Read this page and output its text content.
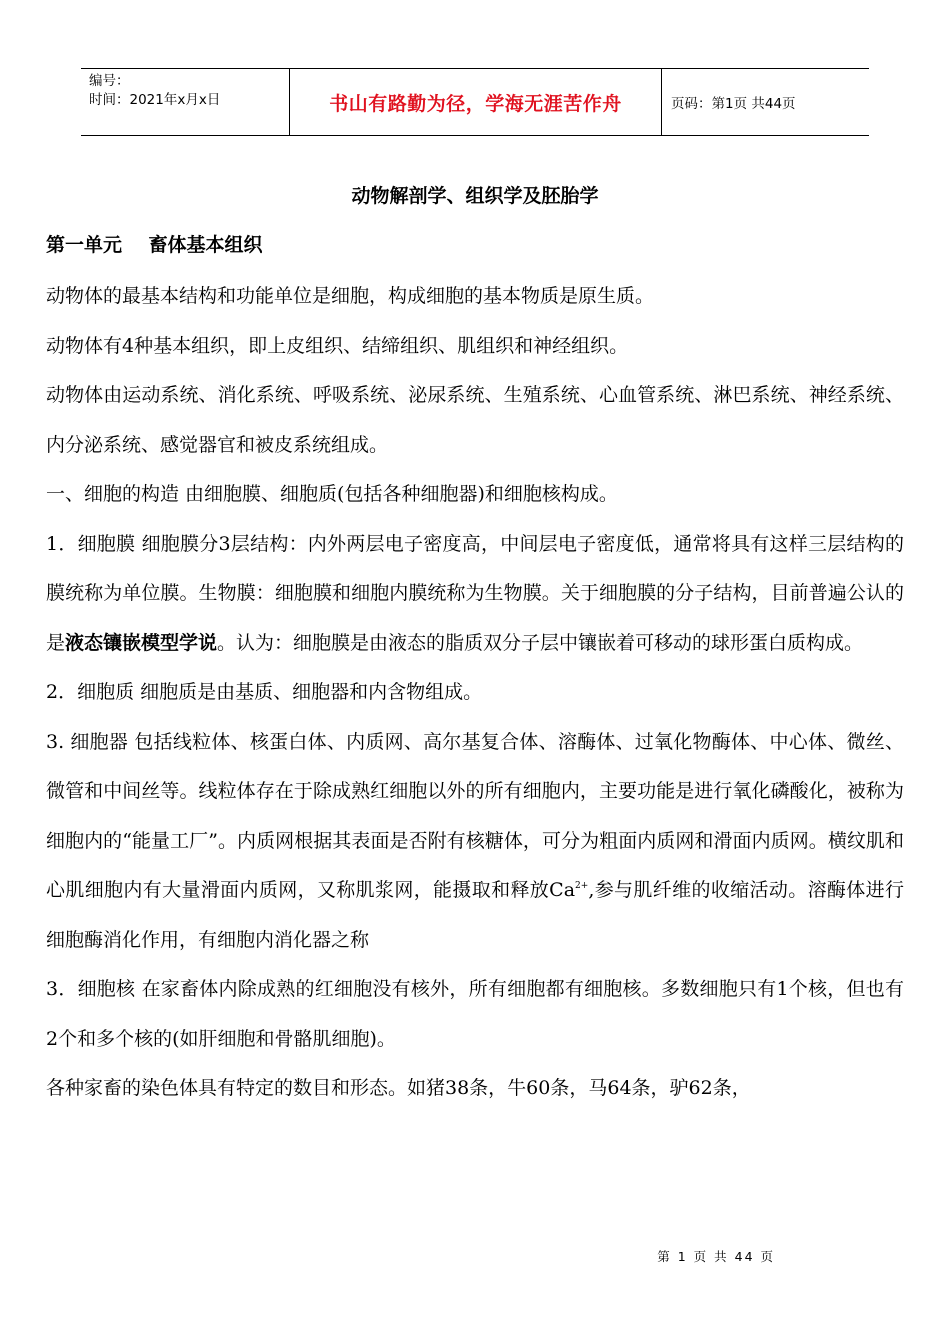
编号：
时间：2021年x月x日	书山有路勤为径，学海无涯苦作舟	页码：第1页 共44页
动物解剖学、组织学及胚胎学
第一单元    畜体基本组织

动物体的最基本结构和功能单位是细胞，构成细胞的基本物质是原生质。

动物体有4种基本组织，即上皮组织、结缔组织、肌组织和神经组织。

动物体由运动系统、消化系统、呼吸系统、泌尿系统、生殖系统、心血管系统、淋巴系统、神经系统、内分泌系统、感觉器官和被皮系统组成。

一、细胞的构造 由细胞膜、细胞质(包括各种细胞器)和细胞核构成。

1．细胞膜 细胞膜分3层结构：内外两层电子密度高，中间层电子密度低，通常将具有这样三层结构的膜统称为单位膜。生物膜：细胞膜和细胞内膜统称为生物膜。关于细胞膜的分子结构，目前普遍公认的是液态镶嵌模型学说。认为：细胞膜是由液态的脂质双分子层中镶嵌着可移动的球形蛋白质构成。

2．细胞质 细胞质是由基质、细胞器和内含物组成。

3. 细胞器 包括线粒体、核蛋白体、内质网、高尔基复合体、溶酶体、过氧化物酶体、中心体、微丝、微管和中间丝等。线粒体存在于除成熟红细胞以外的所有细胞内，主要功能是进行氧化磷酸化，被称为细胞内的“能量工厂”。内质网根据其表面是否附有核糖体，可分为粗面内质网和滑面内质网。横纹肌和心肌细胞内有大量滑面内质网，又称肌浆网，能摄取和释放$Ca^{2+}$,参与肌纤维的收缩活动。溶酶体进行细胞酶消化作用，有细胞内消化器之称

3．细胞核 在家畜体内除成熟的红细胞没有核外，所有细胞都有细胞核。多数细胞只有1个核，但也有2个和多个核的(如肝细胞和骨骼肌细胞)。

各种家畜的染色体具有特定的数目和形态。如猪38条，牛60条，马64条，驴62条，

第 1 页 共 44 页
